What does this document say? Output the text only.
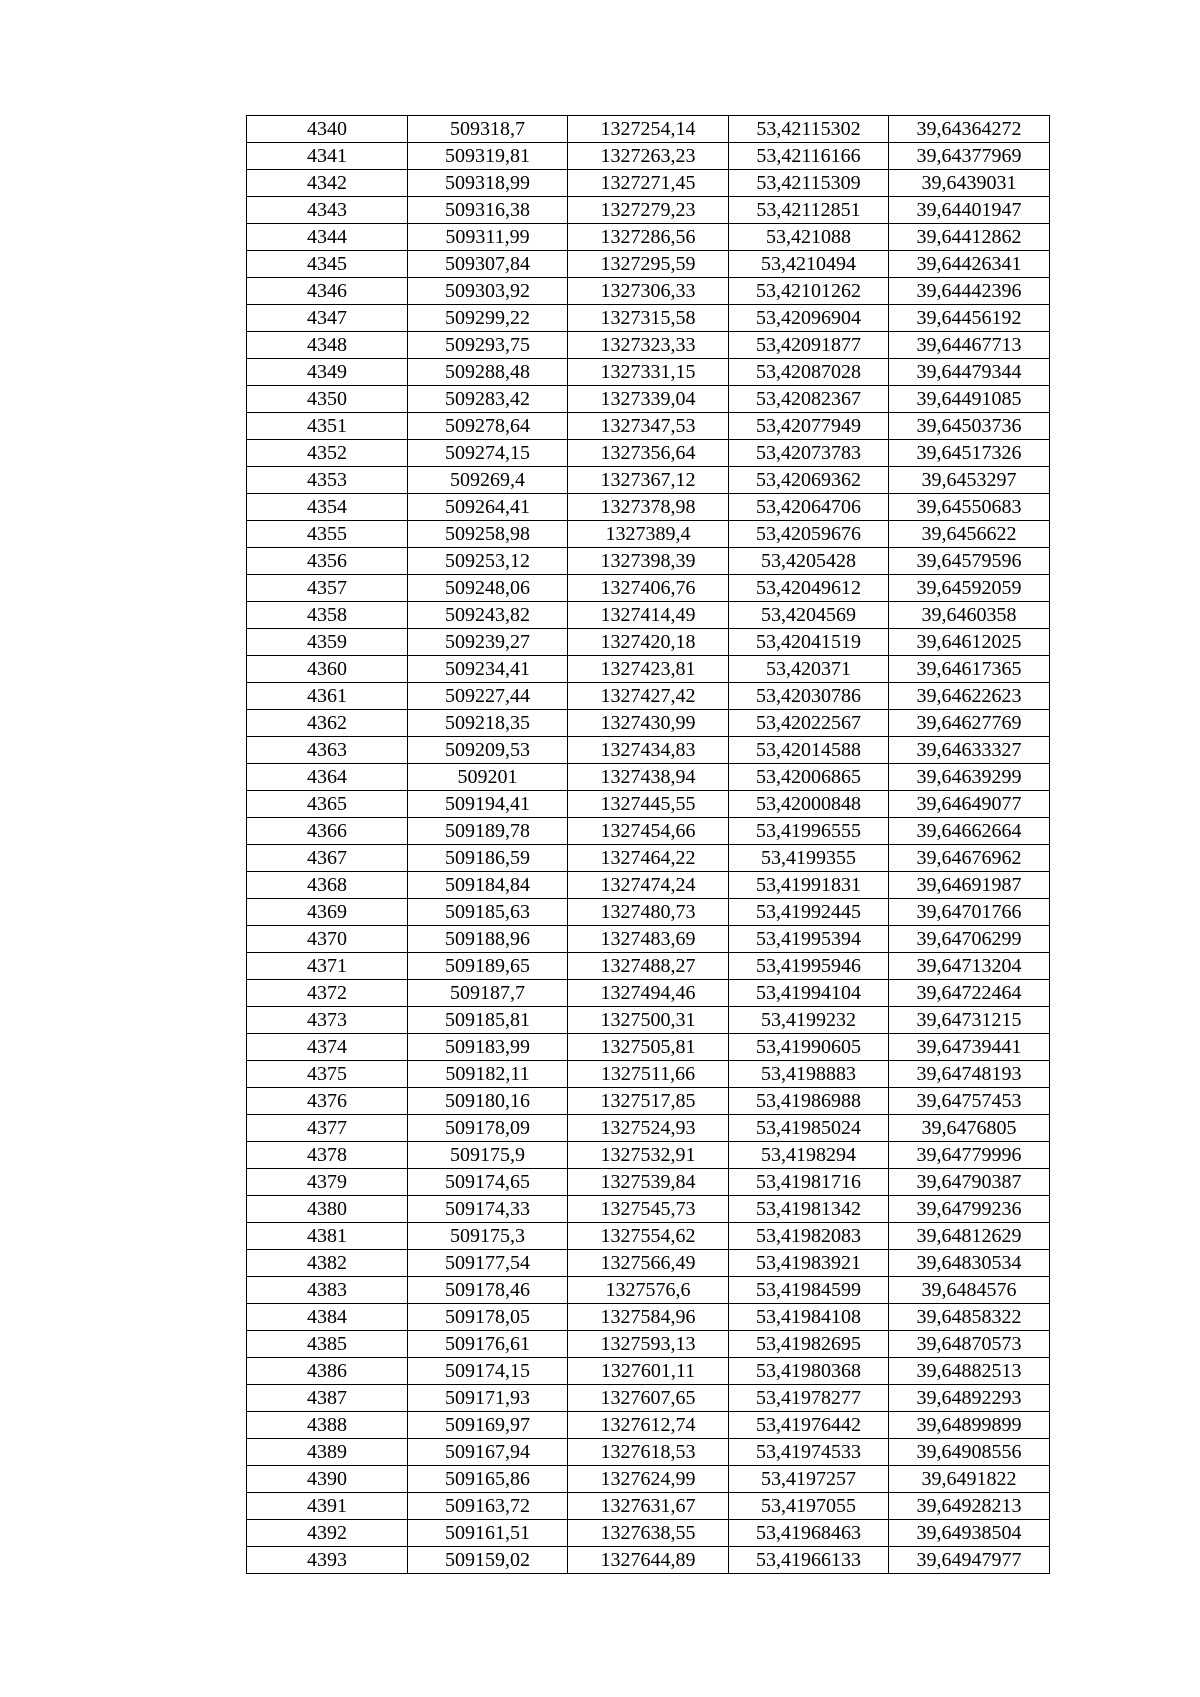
4340	509318,7	1327254,14	53,42115302	39,64364272
4341	509319,81	1327263,23	53,42116166	39,64377969
4342	509318,99	1327271,45	53,42115309	39,6439031
4343	509316,38	1327279,23	53,42112851	39,64401947
4344	509311,99	1327286,56	53,421088	39,64412862
4345	509307,84	1327295,59	53,4210494	39,64426341
4346	509303,92	1327306,33	53,42101262	39,64442396
4347	509299,22	1327315,58	53,42096904	39,64456192
4348	509293,75	1327323,33	53,42091877	39,64467713
4349	509288,48	1327331,15	53,42087028	39,64479344
4350	509283,42	1327339,04	53,42082367	39,64491085
4351	509278,64	1327347,53	53,42077949	39,64503736
4352	509274,15	1327356,64	53,42073783	39,64517326
4353	509269,4	1327367,12	53,42069362	39,6453297
4354	509264,41	1327378,98	53,42064706	39,64550683
4355	509258,98	1327389,4	53,42059676	39,6456622
4356	509253,12	1327398,39	53,4205428	39,64579596
4357	509248,06	1327406,76	53,42049612	39,64592059
4358	509243,82	1327414,49	53,4204569	39,6460358
4359	509239,27	1327420,18	53,42041519	39,64612025
4360	509234,41	1327423,81	53,420371	39,64617365
4361	509227,44	1327427,42	53,42030786	39,64622623
4362	509218,35	1327430,99	53,42022567	39,64627769
4363	509209,53	1327434,83	53,42014588	39,64633327
4364	509201	1327438,94	53,42006865	39,64639299
4365	509194,41	1327445,55	53,42000848	39,64649077
4366	509189,78	1327454,66	53,41996555	39,64662664
4367	509186,59	1327464,22	53,4199355	39,64676962
4368	509184,84	1327474,24	53,41991831	39,64691987
4369	509185,63	1327480,73	53,41992445	39,64701766
4370	509188,96	1327483,69	53,41995394	39,64706299
4371	509189,65	1327488,27	53,41995946	39,64713204
4372	509187,7	1327494,46	53,41994104	39,64722464
4373	509185,81	1327500,31	53,4199232	39,64731215
4374	509183,99	1327505,81	53,41990605	39,64739441
4375	509182,11	1327511,66	53,4198883	39,64748193
4376	509180,16	1327517,85	53,41986988	39,64757453
4377	509178,09	1327524,93	53,41985024	39,6476805
4378	509175,9	1327532,91	53,4198294	39,64779996
4379	509174,65	1327539,84	53,41981716	39,64790387
4380	509174,33	1327545,73	53,41981342	39,64799236
4381	509175,3	1327554,62	53,41982083	39,64812629
4382	509177,54	1327566,49	53,41983921	39,64830534
4383	509178,46	1327576,6	53,41984599	39,6484576
4384	509178,05	1327584,96	53,41984108	39,64858322
4385	509176,61	1327593,13	53,41982695	39,64870573
4386	509174,15	1327601,11	53,41980368	39,64882513
4387	509171,93	1327607,65	53,41978277	39,64892293
4388	509169,97	1327612,74	53,41976442	39,64899899
4389	509167,94	1327618,53	53,41974533	39,64908556
4390	509165,86	1327624,99	53,4197257	39,6491822
4391	509163,72	1327631,67	53,4197055	39,64928213
4392	509161,51	1327638,55	53,41968463	39,64938504
4393	509159,02	1327644,89	53,41966133	39,64947977
